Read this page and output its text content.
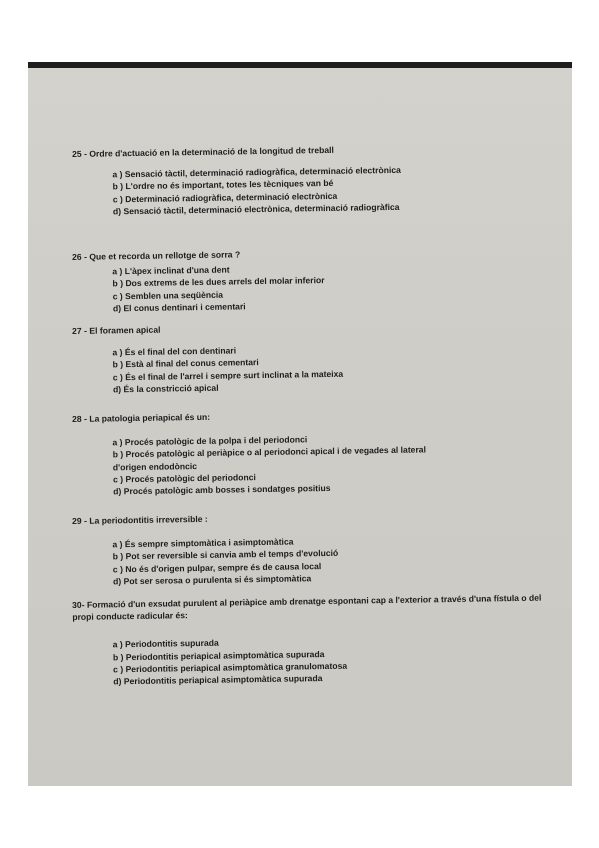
25 - Ordre d'actuació en la determinació de la longitud de treball
a ) Sensació tàctil, determinació radiogràfica, determinació electrònica
b ) L'ordre no és important, totes les tècniques van bé
c ) Determinació radiogràfica, determinació electrònica
d) Sensació tàctil, determinació electrònica, determinació radiogràfica
26 - Que et recorda un rellotge de sorra ?
a ) L'àpex inclinat d'una dent
b ) Dos extrems de les dues arrels del molar inferior
c ) Semblen una seqüència
d) El conus dentinari i cementari
27 - El foramen apical
a ) És el final del con dentinari
b ) Està al final del conus cementari
c ) És el final de l'arrel i sempre surt inclinat a la mateixa
d) És la constricció apical
28 - La patologia periapical és un:
a ) Procés patològic de la polpa i del periodonci
b ) Procés patològic al periàpice o al periodonci apical i de vegades al lateral
d'origen endodòncic
c ) Procés patològic del periodonci
d) Procés patològic amb bosses i sondatges positius
29 - La periodontitis irreversible :
a ) És sempre simptomàtica i asimptomàtica
b ) Pot ser reversible si canvia amb el temps d'evolució
c ) No és d'origen pulpar, sempre és de causa local
d) Pot ser serosa o purulenta si és simptomàtica
30- Formació d'un exsudat purulent al periàpice amb drenatge espontani cap a l'exterior a través d'una fístula o del propi conducte radicular és:
a ) Periodontitis supurada
b ) Periodontitis periapical asimptomàtica supurada
c ) Periodontitis periapical asimptomàtica granulomatosa
d) Periodontitis periapical asimptomàtica supurada
